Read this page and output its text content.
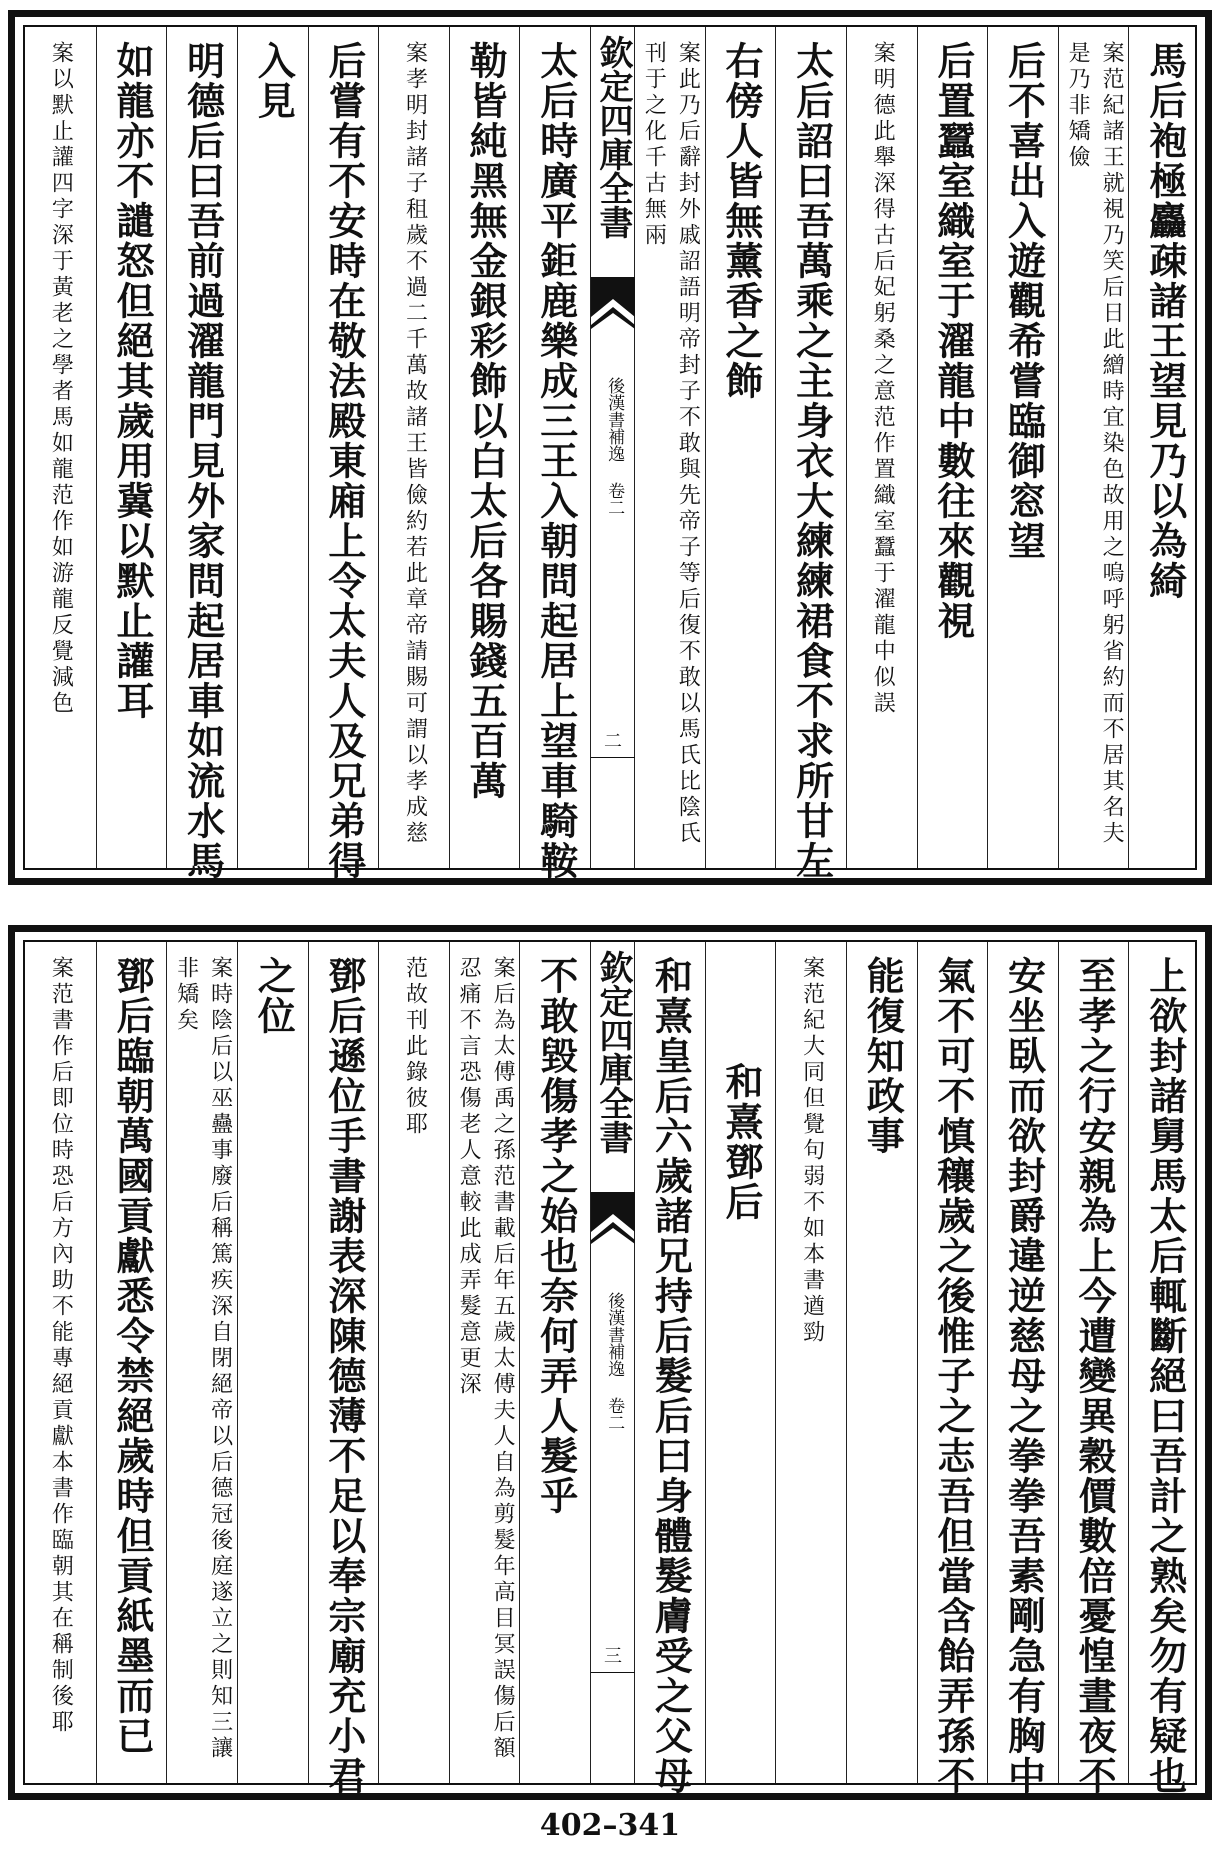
馬后袍極麤疎諸王望見乃以為綺
案范紀諸王就視乃笑后日此繒時宜染色故用之嗚呼躬省約而不居其名夫是乃非矯儉
后不喜出入遊觀希嘗臨御窓望
后置蠶室織室于濯龍中數往來觀視
案明德此舉深得古后妃躬桑之意范作置織室蠶于濯龍中似誤
太后詔曰吾萬乘之主身衣大練練裙食不求所甘左
右傍人皆無薰香之飾
案此乃后辭封外戚詔語明帝封子不敢與先帝子等后復不敢以馬氏比陰氏刊于之化千古無兩
欽定四庫全書
後漢書補逸 卷二
二
太后時廣平鉅鹿樂成三王入朝問起居上望車騎鞍
勒皆純黑無金銀彩飾以白太后各賜錢五百萬
案孝明封諸子租歲不過二千萬故諸王皆儉約若此章帝請賜可謂以孝成慈
后嘗有不安時在敬法殿東廂上令太夫人及兄弟得
入見
明德后曰吾前過濯龍門見外家問起居車如流水馬
如龍亦不譴怒但絕其歲用冀以默止讙耳
案以默止讙四字深于黃老之學者馬如龍范作如游龍反覺減色
上欲封諸舅馬太后輒斷絕曰吾計之熟矣勿有疑也
至孝之行安親為上今遭變異穀價數倍憂惶晝夜不
安坐臥而欲封爵違逆慈母之拳拳吾素剛急有胸中
氣不可不慎穰歲之後惟子之志吾但當含飴弄孫不
能復知政事
案范紀大同但覺句弱不如本書遒勁
和熹鄧后
和熹皇后六歲諸兄持后髮后曰身體髮膚受之父母
欽定四庫全書
後漢書補逸 卷二
三
不敢毀傷孝之始也奈何弄人髮乎
案后為太傅禹之孫范書載后年五歲太傅夫人自為剪髮年高目冥誤傷后額忍痛不言恐傷老人意較此成弄髮意更深
范故刊此錄彼耶
鄧后遜位手書謝表深陳德薄不足以奉宗廟充小君
之位
案時陰后以巫蠱事廢后稱篤疾深自閉絕帝以后德冠後庭遂立之則知三讓非矯矣
鄧后臨朝萬國貢獻悉令禁絕歲時但貢紙墨而已
案范書作后即位時恐后方內助不能專絕貢獻本書作臨朝其在稱制後耶
402–341
